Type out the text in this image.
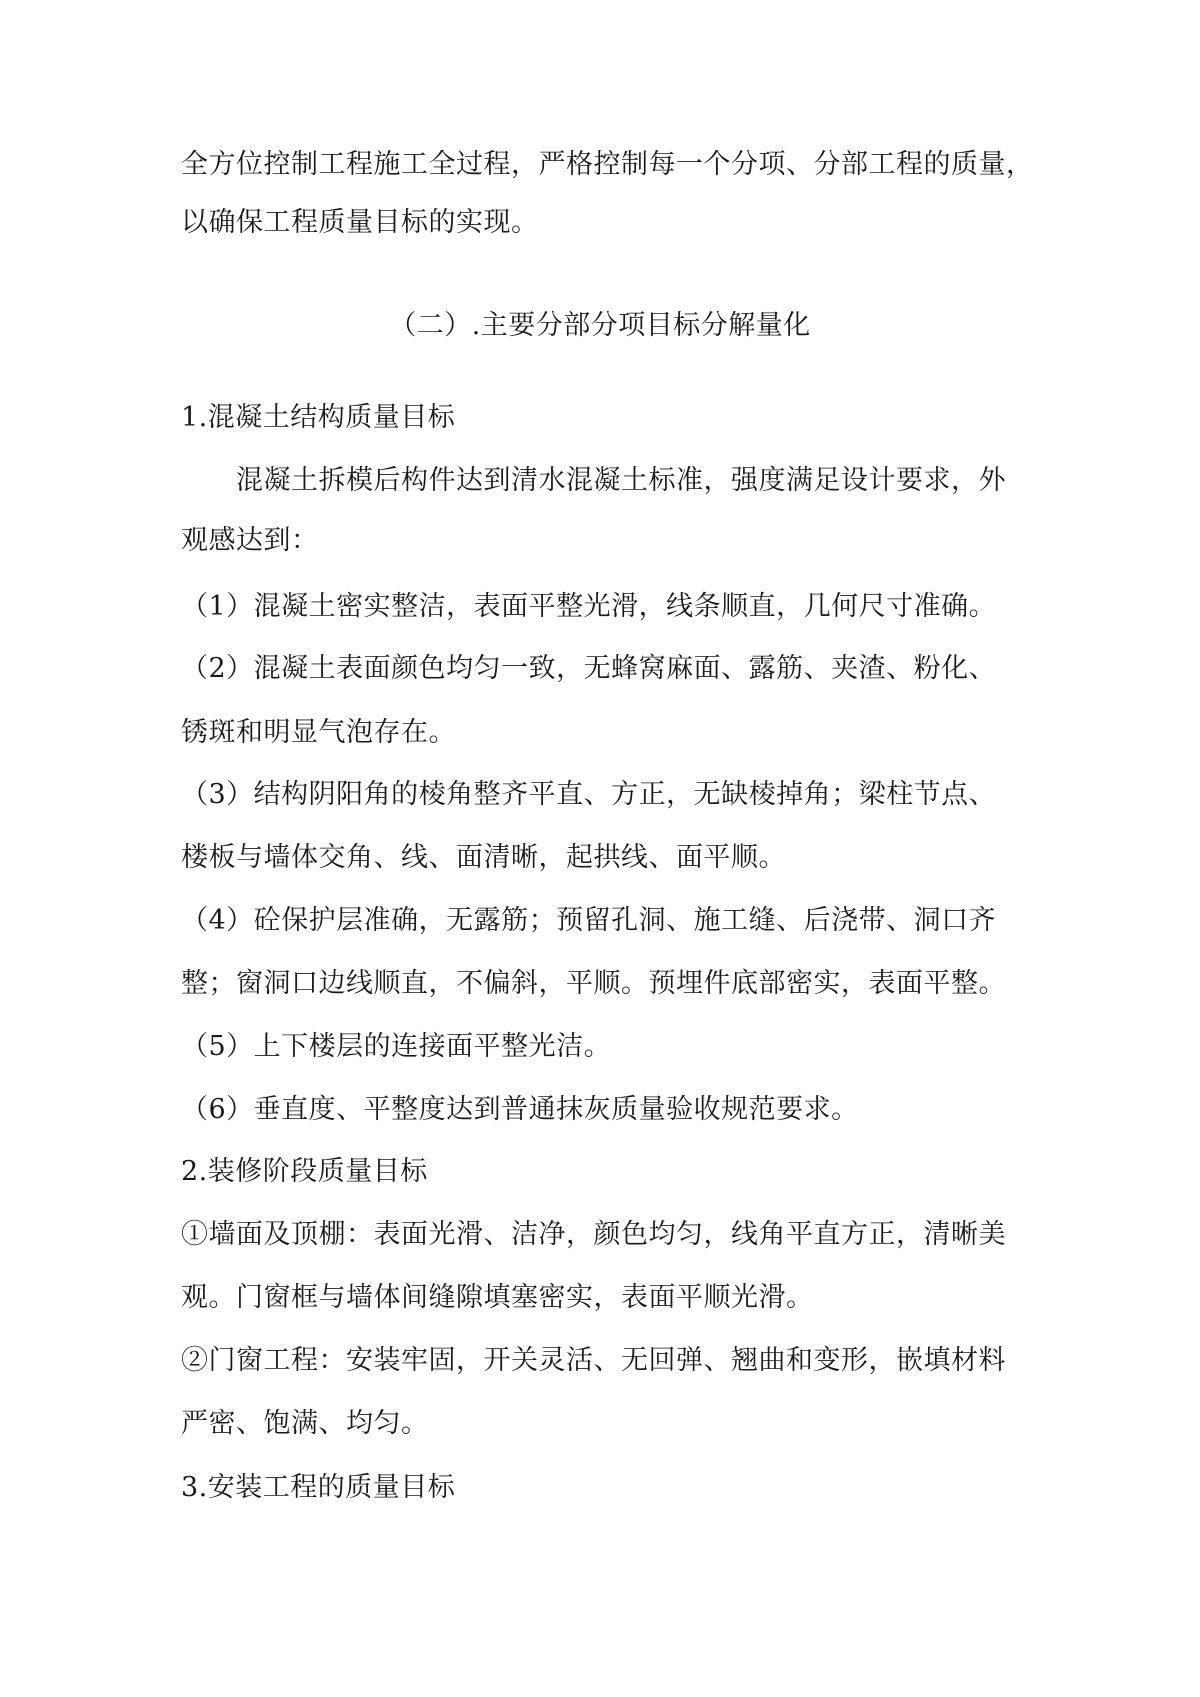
全方位控制工程施工全过程，严格控制每一个分项、分部工程的质量，
以确保工程质量目标的实现。
（二）.主要分部分项目标分解量化
1.混凝土结构质量目标
混凝土拆模后构件达到清水混凝土标准，强度满足设计要求，外
观感达到：
（1）混凝土密实整洁，表面平整光滑，线条顺直，几何尺寸准确。
（2）混凝土表面颜色均匀一致，无蜂窝麻面、露筋、夹渣、粉化、
锈斑和明显气泡存在。
（3）结构阴阳角的棱角整齐平直、方正，无缺棱掉角；梁柱节点、
楼板与墙体交角、线、面清晰，起拱线、面平顺。
（4）砼保护层准确，无露筋；预留孔洞、施工缝、后浇带、洞口齐
整；窗洞口边线顺直，不偏斜，平顺。预埋件底部密实，表面平整。
（5）上下楼层的连接面平整光洁。
（6）垂直度、平整度达到普通抹灰质量验收规范要求。
2.装修阶段质量目标
①墙面及顶棚：表面光滑、洁净，颜色均匀，线角平直方正，清晰美
观。门窗框与墙体间缝隙填塞密实，表面平顺光滑。
②门窗工程：安装牢固，开关灵活、无回弹、翘曲和变形，嵌填材料
严密、饱满、均匀。
3.安装工程的质量目标
